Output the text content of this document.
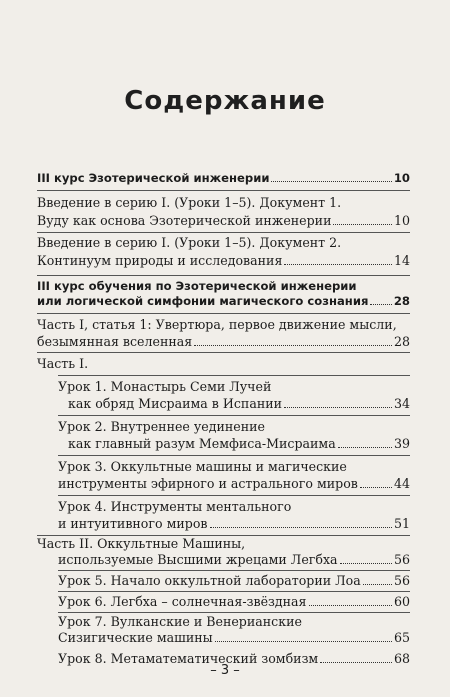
Содержание
III курс Эзотерической инженерии	10
Введение в серию I. (Уроки 1–5). Документ 1.
Вуду как основа Эзотерической инженерии	10
Введение в серию I. (Уроки 1–5). Документ 2.
Континуум природы и исследования	14
III курс обучения по Эзотерической инженерии
или логической симфонии магического сознания 28
Часть I, статья 1: Увертюра, первое движение мысли,
безымянная вселенная	28
Часть I.
Урок 1. Монастырь Семи Лучей
как обряд Мисраима в Испании	34
Урок 2. Внутреннее уединение
как главный разум Мемфиса-Мисраима	39
Урок 3. Оккультные машины и магические
инструменты эфирного и астрального миров	44
Урок 4. Инструменты ментального
и интуитивного миров	51
Часть II. Оккультные Машины,
используемые Высшими жрецами Легбха	56
Урок 5. Начало оккультной лаборатории Лоа	56
Урок 6. Легбха – солнечная-звёздная	60
Урок 7. Вулканские и Венерианские
Сизигические машины	65
Урок 8. Метаматематический зомбизм	68
– 3 –
